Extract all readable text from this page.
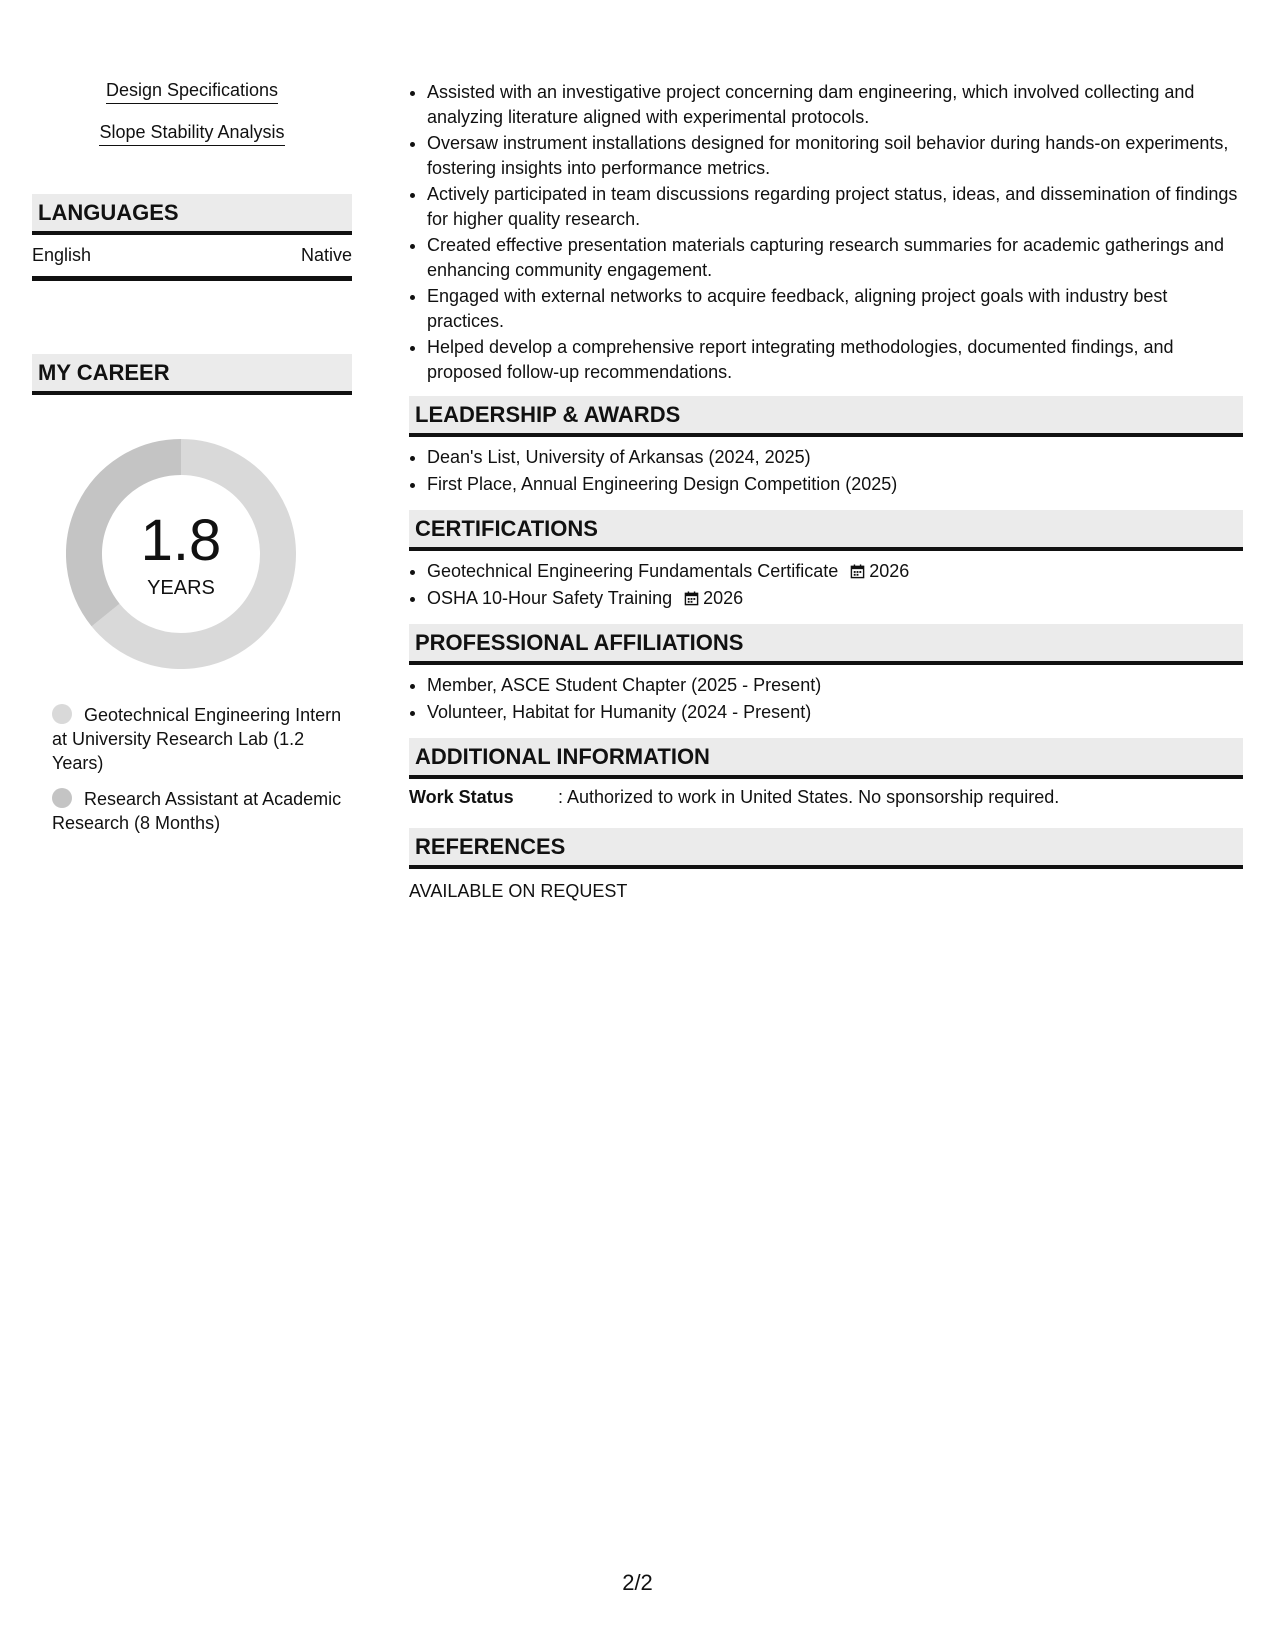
Design Specifications
Slope Stability Analysis
LANGUAGES
English	Native
MY CAREER
1.8
YEARS
Geotechnical Engineering Intern at University Research Lab (1.2 Years)
Research Assistant at Academic Research (8 Months)
• Assisted with an investigative project concerning dam engineering, which involved collecting and analyzing literature aligned with experimental protocols.
• Oversaw instrument installations designed for monitoring soil behavior during hands-on experiments, fostering insights into performance metrics.
• Actively participated in team discussions regarding project status, ideas, and dissemination of findings for higher quality research.
• Created effective presentation materials capturing research summaries for academic gatherings and enhancing community engagement.
• Engaged with external networks to acquire feedback, aligning project goals with industry best practices.
• Helped develop a comprehensive report integrating methodologies, documented findings, and proposed follow-up recommendations.
LEADERSHIP & AWARDS
• Dean's List, University of Arkansas (2024, 2025)
• First Place, Annual Engineering Design Competition (2025)
CERTIFICATIONS
• Geotechnical Engineering Fundamentals Certificate 2026
• OSHA 10-Hour Safety Training 2026
PROFESSIONAL AFFILIATIONS
• Member, ASCE Student Chapter (2025 - Present)
• Volunteer, Habitat for Humanity (2024 - Present)
ADDITIONAL INFORMATION
Work Status	: Authorized to work in United States. No sponsorship required.
REFERENCES
AVAILABLE ON REQUEST
2/2
